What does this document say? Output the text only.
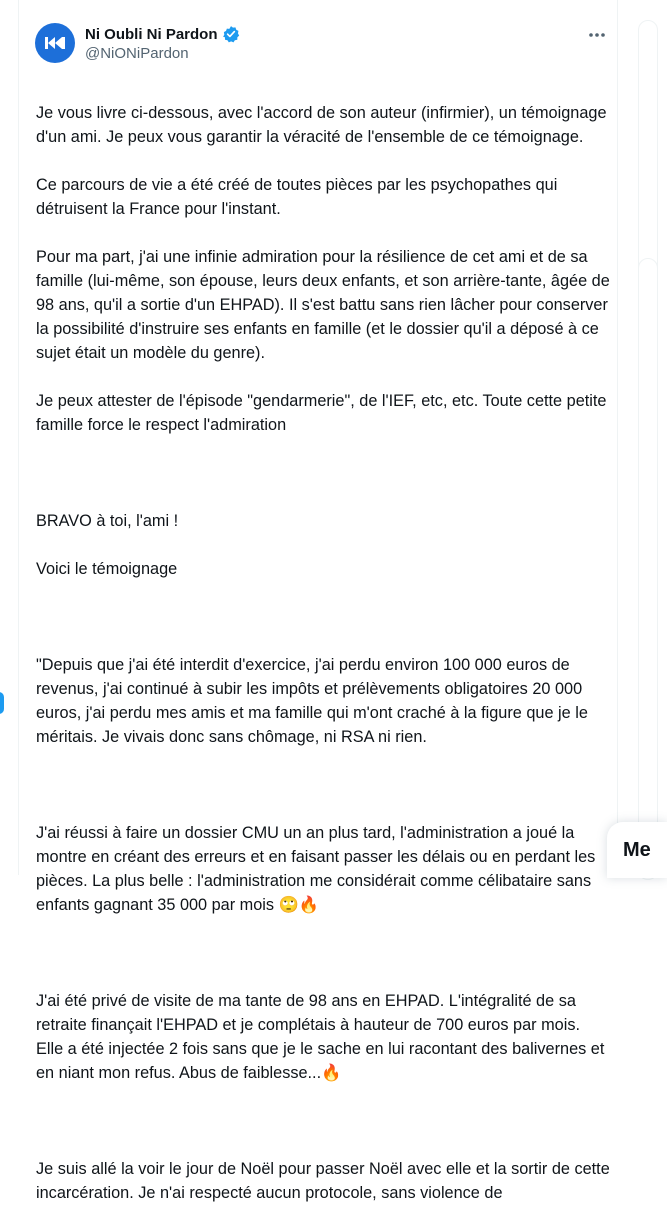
Ni Oubli Ni Pardon
@NiONiPardon

Je vous livre ci-dessous, avec l'accord de son auteur (infirmier), un témoignage d'un ami. Je peux vous garantir la véracité de l'ensemble de ce témoignage.

Ce parcours de vie a été créé de toutes pièces par les psychopathes qui détruisent la France pour l'instant.

Pour ma part, j'ai une infinie admiration pour la résilience de cet ami et de sa famille (lui-même, son épouse, leurs deux enfants, et son arrière-tante, âgée de 98 ans, qu'il a sortie d'un EHPAD). Il s'est battu sans rien lâcher pour conserver la possibilité d'instruire ses enfants en famille (et le dossier qu'il a déposé à ce sujet était un modèle du genre).

Je peux attester de l'épisode "gendarmerie", de l'IEF, etc, etc. Toute cette petite famille force le respect l'admiration

BRAVO à toi, l'ami !

Voici le témoignage

"Depuis que j'ai été interdit d'exercice, j'ai perdu environ 100 000 euros de revenus, j'ai continué à subir les impôts et prélèvements obligatoires 20 000 euros, j'ai perdu mes amis et ma famille qui m'ont craché à la figure que je le méritais. Je vivais donc sans chômage, ni RSA ni rien.

J'ai réussi à faire un dossier CMU un an plus tard, l'administration a joué la montre en créant des erreurs et en faisant passer les délais ou en perdant les pièces. La plus belle : l'administration me considérait comme célibataire sans enfants gagnant 35 000 par mois 🙄🔥

J'ai été privé de visite de ma tante de 98 ans en EHPAD. L'intégralité de sa retraite finançait l'EHPAD et je complétais à hauteur de 700 euros par mois. Elle a été injectée 2 fois sans que je le sache en lui racontant des balivernes et en niant mon refus. Abus de faiblesse...🔥

Je suis allé la voir le jour de Noël pour passer Noël avec elle et la sortir de cette incarcération. Je n'ai respecté aucun protocole, sans violence de

Me
